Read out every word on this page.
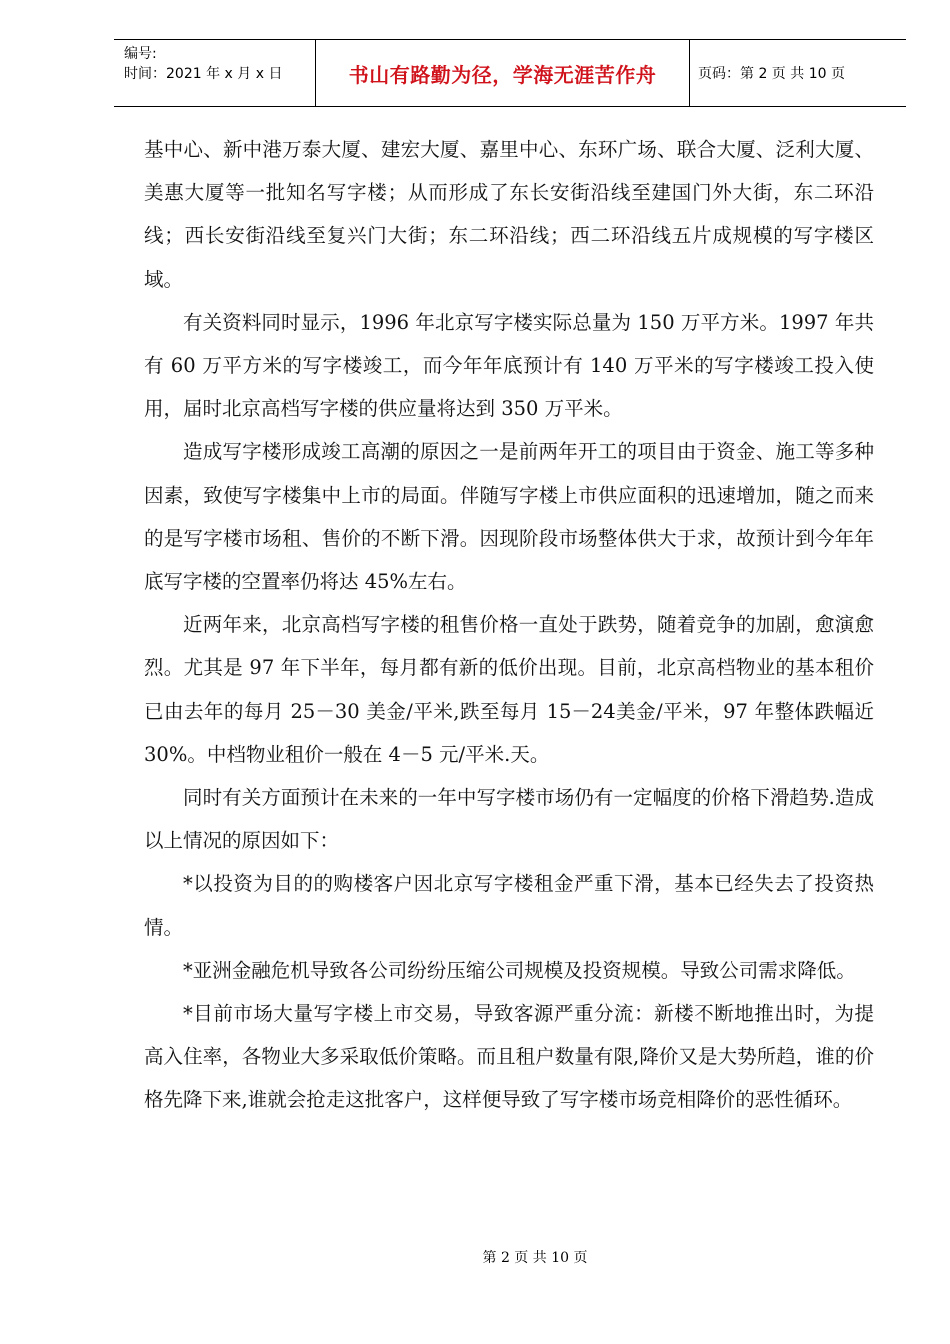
编号:
时间：2021 年 x 月 x 日	书山有路勤为径，学海无涯苦作舟	页码：第 2 页 共 10 页

基中心、新中港万泰大厦、建宏大厦、嘉里中心、东环广场、联合大厦、泛利大厦、美惠大厦等一批知名写字楼；从而形成了东长安街沿线至建国门外大街，东二环沿线；西长安街沿线至复兴门大街；东二环沿线；西二环沿线五片成规模的写字楼区域。

有关资料同时显示，1996 年北京写字楼实际总量为 150 万平方米。1997 年共有 60 万平方米的写字楼竣工，而今年年底预计有 140 万平米的写字楼竣工投入使用，届时北京高档写字楼的供应量将达到 350 万平米。

造成写字楼形成竣工高潮的原因之一是前两年开工的项目由于资金、施工等多种因素，致使写字楼集中上市的局面。伴随写字楼上市供应面积的迅速增加，随之而来的是写字楼市场租、售价的不断下滑。因现阶段市场整体供大于求，故预计到今年年底写字楼的空置率仍将达 45%左右。

近两年来，北京高档写字楼的租售价格一直处于跌势，随着竞争的加剧，愈演愈烈。尤其是 97 年下半年，每月都有新的低价出现。目前，北京高档物业的基本租价已由去年的每月 25－30 美金/平米,跌至每月 15－24美金/平米，97 年整体跌幅近 30%。中档物业租价一般在 4－5 元/平米.天。

同时有关方面预计在未来的一年中写字楼市场仍有一定幅度的价格下滑趋势.造成以上情况的原因如下：

*以投资为目的的购楼客户因北京写字楼租金严重下滑，基本已经失去了投资热情。

*亚洲金融危机导致各公司纷纷压缩公司规模及投资规模。导致公司需求降低。

*目前市场大量写字楼上市交易，导致客源严重分流：新楼不断地推出时，为提高入住率，各物业大多采取低价策略。而且租户数量有限,降价又是大势所趋，谁的价格先降下来,谁就会抢走这批客户，这样便导致了写字楼市场竞相降价的恶性循环。

第 2 页 共 10 页
